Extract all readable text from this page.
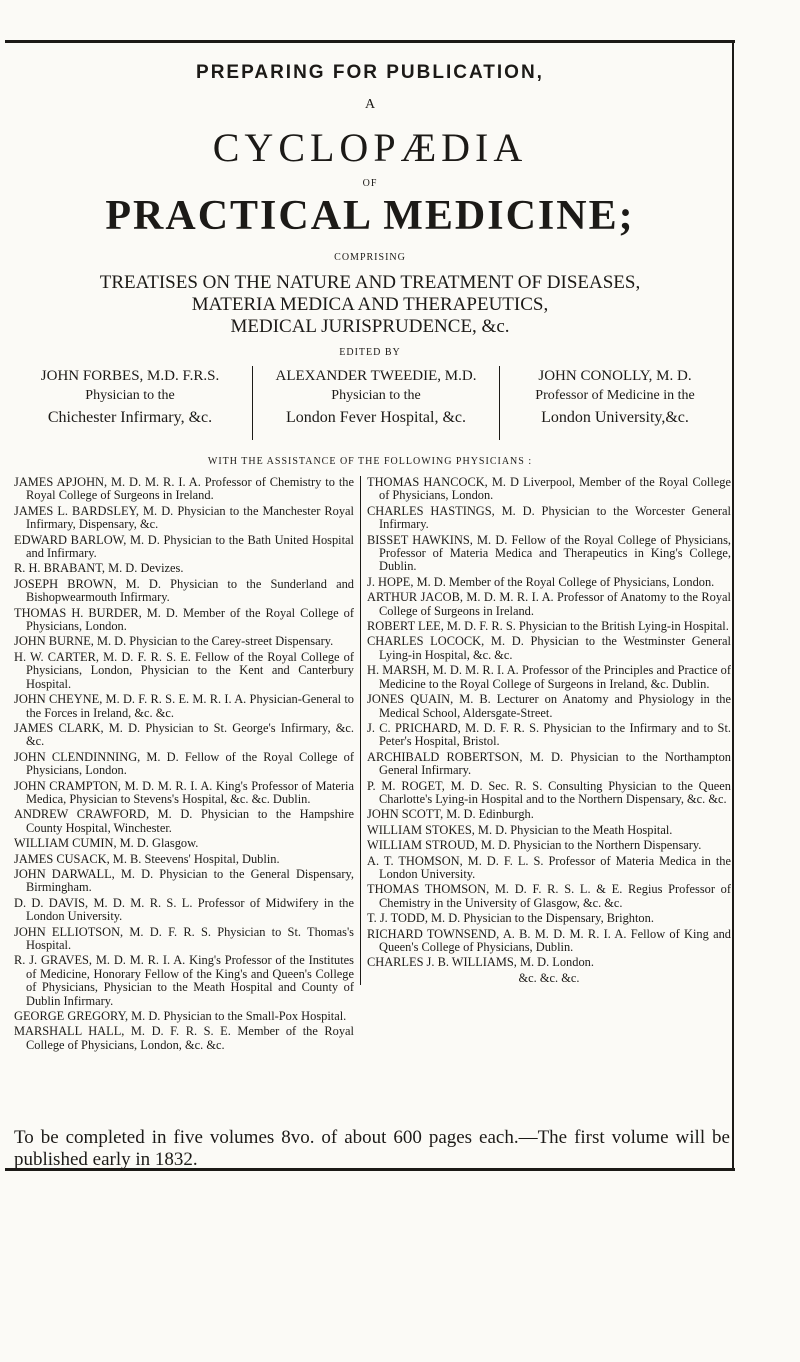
PREPARING FOR PUBLICATION,
A
CYCLOPÆDIA
OF
PRACTICAL MEDICINE;
COMPRISING
TREATISES ON THE NATURE AND TREATMENT OF DISEASES,
MATERIA MEDICA AND THERAPEUTICS,
MEDICAL JURISPRUDENCE, &c.
EDITED BY
JOHN FORBES, M.D. F.R.S.
Physician to the
Chichester Infirmary, &c.
ALEXANDER TWEEDIE, M.D.
Physician to the
London Fever Hospital, &c.
JOHN CONOLLY, M. D.
Professor of Medicine in the
London University,&c.
WITH THE ASSISTANCE OF THE FOLLOWING PHYSICIANS :
JAMES APJOHN, M. D. M. R. I. A. Professor of Chemistry to the Royal College of Surgeons in Ireland.
JAMES L. BARDSLEY, M. D. Physician to the Manchester Royal Infirmary, Dispensary, &c.
EDWARD BARLOW, M. D. Physician to the Bath United Hospital and Infirmary.
R. H. BRABANT, M. D. Devizes.
JOSEPH BROWN, M. D. Physician to the Sunderland and Bishopwearmouth Infirmary.
THOMAS H. BURDER, M. D. Member of the Royal College of Physicians, London.
JOHN BURNE, M. D. Physician to the Carey-street Dispensary.
H. W. CARTER, M. D. F. R. S. E. Fellow of the Royal College of Physicians, London, Physician to the Kent and Canterbury Hospital.
JOHN CHEYNE, M. D. F. R. S. E. M. R. I. A. Physician-General to the Forces in Ireland, &c. &c.
JAMES CLARK, M. D. Physician to St. George's Infirmary, &c. &c.
JOHN CLENDINNING, M. D. Fellow of the Royal College of Physicians, London.
JOHN CRAMPTON, M. D. M. R. I. A. King's Professor of Materia Medica, Physician to Stevens's Hospital, &c. &c. Dublin.
ANDREW CRAWFORD, M. D. Physician to the Hampshire County Hospital, Winchester.
WILLIAM CUMIN, M. D. Glasgow.
JAMES CUSACK, M. B. Steevens' Hospital, Dublin.
JOHN DARWALL, M. D. Physician to the General Dispensary, Birmingham.
D. D. DAVIS, M. D. M. R. S. L. Professor of Midwifery in the London University.
JOHN ELLIOTSON, M. D. F. R. S. Physician to St. Thomas's Hospital.
R. J. GRAVES, M. D. M. R. I. A. King's Professor of the Institutes of Medicine, Honorary Fellow of the King's and Queen's College of Physicians, Physician to the Meath Hospital and County of Dublin Infirmary.
GEORGE GREGORY, M. D. Physician to the Small-Pox Hospital.
MARSHALL HALL, M. D. F. R. S. E. Member of the Royal College of Physicians, London, &c. &c.
THOMAS HANCOCK, M. D Liverpool, Member of the Royal College of Physicians, London.
CHARLES HASTINGS, M. D. Physician to the Worcester General Infirmary.
BISSET HAWKINS, M. D. Fellow of the Royal College of Physicians, Professor of Materia Medica and Therapeutics in King's College, Dublin.
J. HOPE, M. D. Member of the Royal College of Physicians, London.
ARTHUR JACOB, M. D. M. R. I. A. Professor of Anatomy to the Royal College of Surgeons in Ireland.
ROBERT LEE, M. D. F. R. S. Physician to the British Lying-in Hospital.
CHARLES LOCOCK, M. D. Physician to the Westminster General Lying-in Hospital, &c. &c.
H. MARSH, M. D. M. R. I. A. Professor of the Principles and Practice of Medicine to the Royal College of Surgeons in Ireland, &c. Dublin.
JONES QUAIN, M. B. Lecturer on Anatomy and Physiology in the Medical School, Aldersgate-Street.
J. C. PRICHARD, M. D. F. R. S. Physician to the Infirmary and to St. Peter's Hospital, Bristol.
ARCHIBALD ROBERTSON, M. D. Physician to the Northampton General Infirmary.
P. M. ROGET, M. D. Sec. R. S. Consulting Physician to the Queen Charlotte's Lying-in Hospital and to the Northern Dispensary, &c. &c.
JOHN SCOTT, M. D. Edinburgh.
WILLIAM STOKES, M. D. Physician to the Meath Hospital.
WILLIAM STROUD, M. D. Physician to the Northern Dispensary.
A. T. THOMSON, M. D. F. L. S. Professor of Materia Medica in the London University.
THOMAS THOMSON, M. D. F. R. S. L. & E. Regius Professor of Chemistry in the University of Glasgow, &c. &c.
T. J. TODD, M. D. Physician to the Dispensary, Brighton.
RICHARD TOWNSEND, A. B. M. D. M. R. I. A. Fellow of King and Queen's College of Physicians, Dublin.
CHARLES J. B. WILLIAMS, M. D. London.
&c. &c. &c.
To be completed in five volumes 8vo. of about 600 pages each.—The first volume will be published early in 1832.
